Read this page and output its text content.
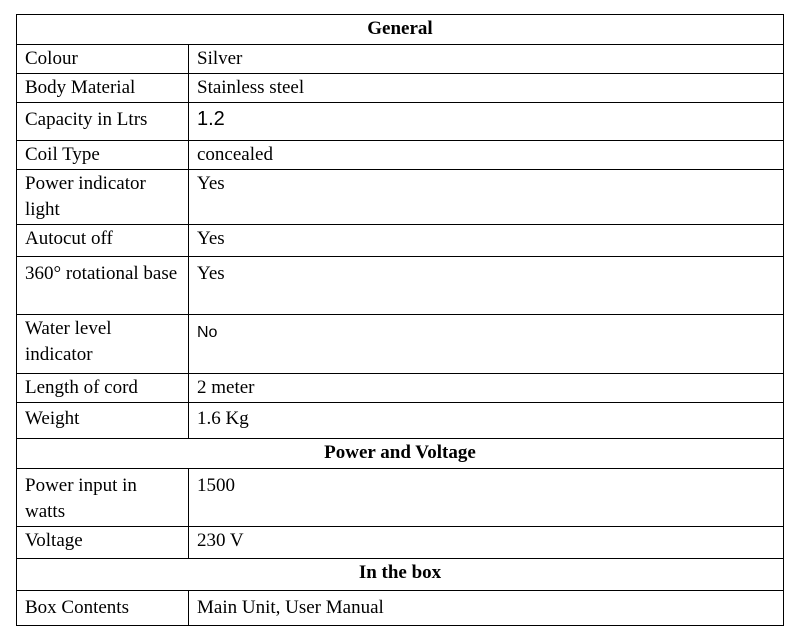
General	
Colour	Silver
Body Material	Stainless steel
Capacity in Ltrs	1.2
Coil Type	concealed
Power indicator light	Yes
Autocut off	Yes
360° rotational base	Yes
Water level indicator	No
Length of cord	2 meter
Weight	1.6 Kg
Power and Voltage	
Power input in watts	1500
Voltage	230 V
In the box	
Box Contents	Main Unit, User Manual
